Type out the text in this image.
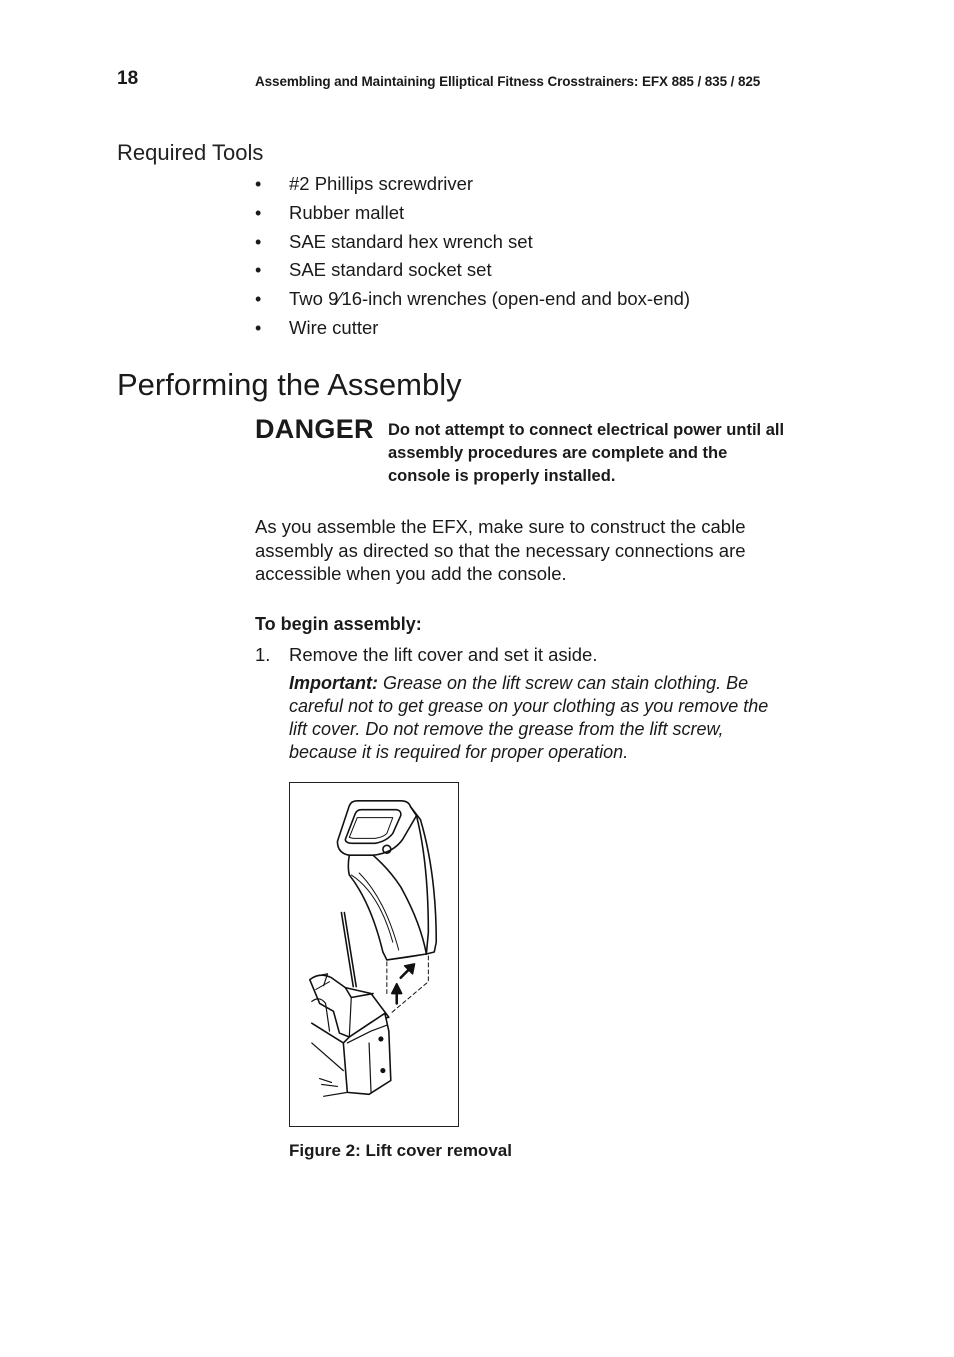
18	Assembling and Maintaining Elliptical Fitness Crosstrainers: EFX 885 / 835 / 825
Required Tools
• #2 Phillips screwdriver
• Rubber mallet
• SAE standard hex wrench set
• SAE standard socket set
• Two 9⁄16-inch wrenches (open-end and box-end)
• Wire cutter
Performing the Assembly
DANGER Do not attempt to connect electrical power until all assembly procedures are complete and the console is properly installed.
As you assemble the EFX, make sure to construct the cable assembly as directed so that the necessary connections are accessible when you add the console.
To begin assembly:
1. Remove the lift cover and set it aside.
Important: Grease on the lift screw can stain clothing. Be careful not to get grease on your clothing as you remove the lift cover. Do not remove the grease from the lift screw, because it is required for proper operation.
Figure 2: Lift cover removal
